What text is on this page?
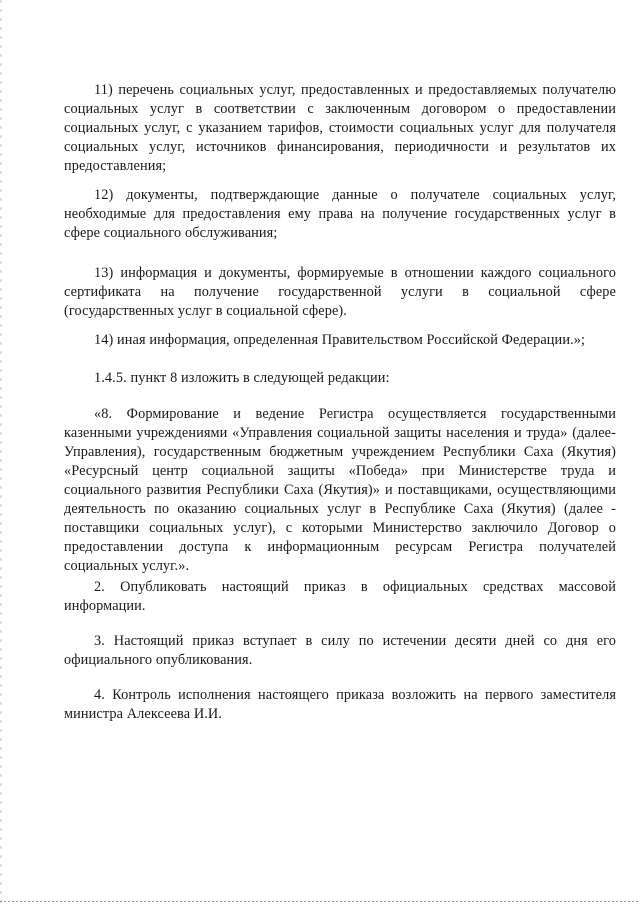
11) перечень социальных услуг, предоставленных и предоставляемых получателю социальных услуг в соответствии с заключенным договором о предоставлении социальных услуг, с указанием тарифов, стоимости социальных услуг для получателя социальных услуг, источников финансирования, периодичности и результатов их предоставления;
12) документы, подтверждающие данные о получателе социальных услуг, необходимые для предоставления ему права на получение государственных услуг в сфере социального обслуживания;
13) информация и документы, формируемые в отношении каждого социального сертификата на получение государственной услуги в социальной сфере (государственных услуг в социальной сфере).
14) иная информация, определенная Правительством Российской Федерации.»;
1.4.5. пункт 8 изложить в следующей редакции:
«8. Формирование и ведение Регистра осуществляется государственными казенными учреждениями «Управления социальной защиты населения и труда» (далее-Управления), государственным бюджетным учреждением Республики Саха (Якутия) «Ресурсный центр социальной защиты «Победа» при Министерстве труда и социального развития Республики Саха (Якутия)» и поставщиками, осуществляющими деятельность по оказанию социальных услуг в Республике Саха (Якутия) (далее - поставщики социальных услуг), с которыми Министерство заключило Договор о предоставлении доступа к информационным ресурсам Регистра получателей социальных услуг.».
2. Опубликовать настоящий приказ в официальных средствах массовой информации.
3. Настоящий приказ вступает в силу по истечении десяти дней со дня его официального опубликования.
4. Контроль исполнения настоящего приказа возложить на первого заместителя министра Алексеева И.И.
